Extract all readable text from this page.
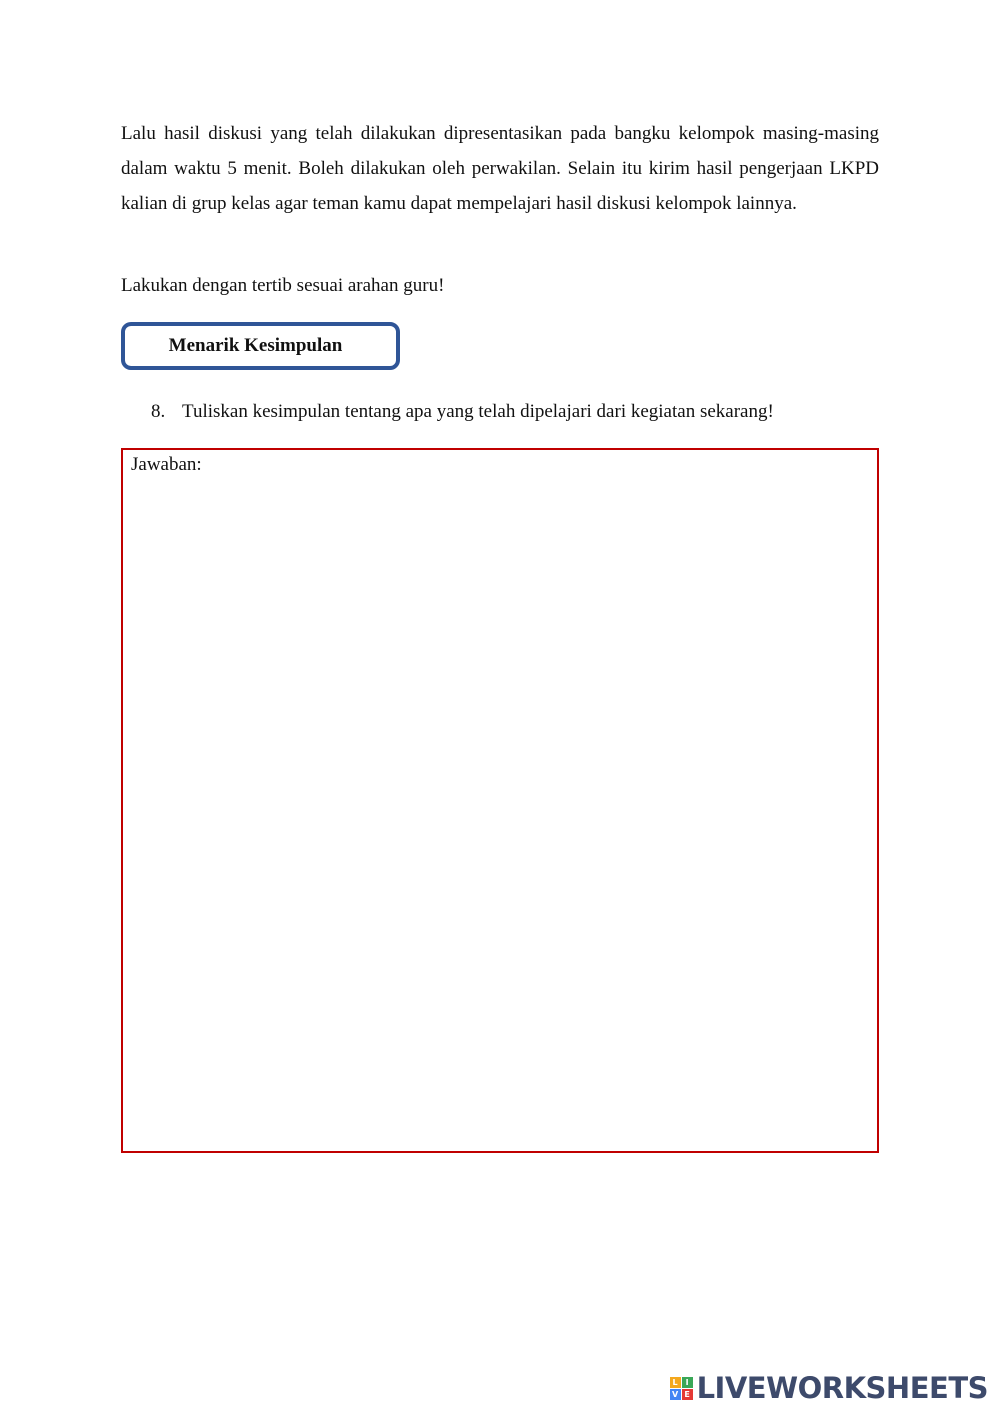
Lalu hasil diskusi yang telah dilakukan dipresentasikan pada bangku kelompok masing-masing dalam waktu 5 menit. Boleh dilakukan oleh perwakilan. Selain itu kirim hasil pengerjaan LKPD kalian di grup kelas agar teman kamu dapat mempelajari hasil diskusi kelompok lainnya.

Lakukan dengan tertib sesuai arahan guru!

Menarik Kesimpulan
8. Tuliskan kesimpulan tentang apa yang telah dipelajari dari kegiatan sekarang!
Jawaban:
L I
V E LIVEWORKSHEETS
